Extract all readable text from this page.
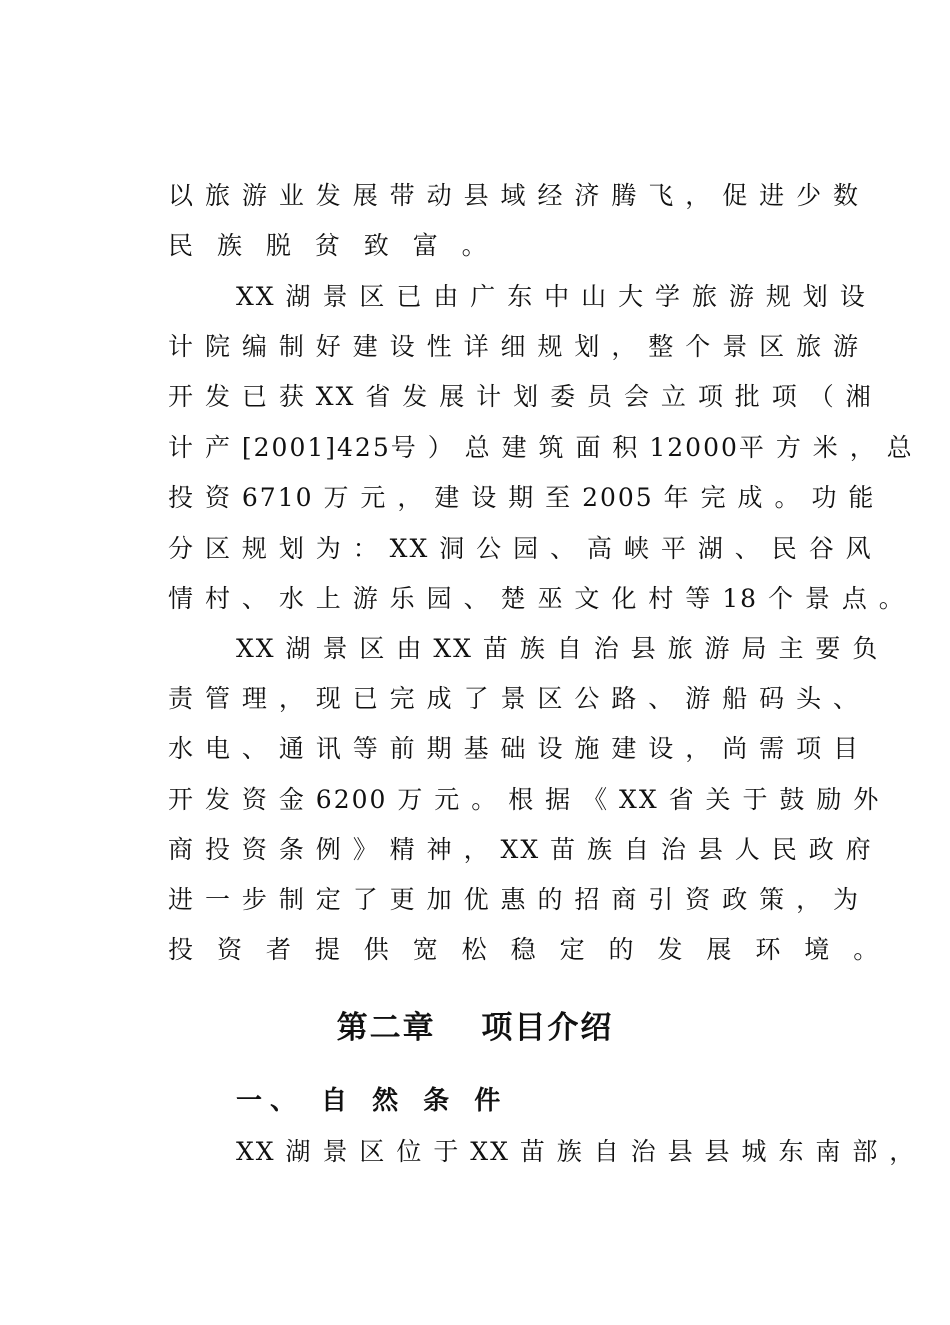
以 旅 游 业 发 展 带 动 县 域 经 济 腾 飞 ， 促 进 少 数
民 族 脱 贫 致 富 。
XX 湖 景 区 已 由 广 东 中 山 大 学 旅 游 规 划 设
计 院 编 制 好 建 设 性 详 细 规 划 ， 整 个 景 区 旅 游
开 发 已 获 XX 省 发 展 计 划 委 员 会 立 项 批 项 （ 湘
计 产 [2001]425号 ） 总 建 筑 面 积 12000平 方 米 ， 总
投 资 6710 万 元 ， 建 设 期 至 2005 年 完 成 。 功 能
分 区 规 划 为 ： XX 洞 公 园 、 高 峡 平 湖 、 民 谷 风
情 村 、 水 上 游 乐 园 、 楚 巫 文 化 村 等 18 个 景 点 。
XX 湖 景 区 由 XX 苗 族 自 治 县 旅 游 局 主 要 负
责 管 理 ， 现 已 完 成 了 景 区 公 路 、 游 船 码 头 、
水 电 、 通 讯 等 前 期 基 础 设 施 建 设 ， 尚 需 项 目
开 发 资 金 6200 万 元 。 根 据 《 XX 省 关 于 鼓 励 外
商 投 资 条 例 》 精 神 ， XX 苗 族 自 治 县 人 民 政 府
进 一 步 制 定 了 更 加 优 惠 的 招 商 引 资 政 策 ， 为
投 资 者 提 供 宽 松 稳 定 的 发 展 环 境 。
第二章　 项目介绍
一、 自 然 条 件
XX 湖 景 区 位 于 XX 苗 族 自 治 县 县 城 东 南 部 ，
